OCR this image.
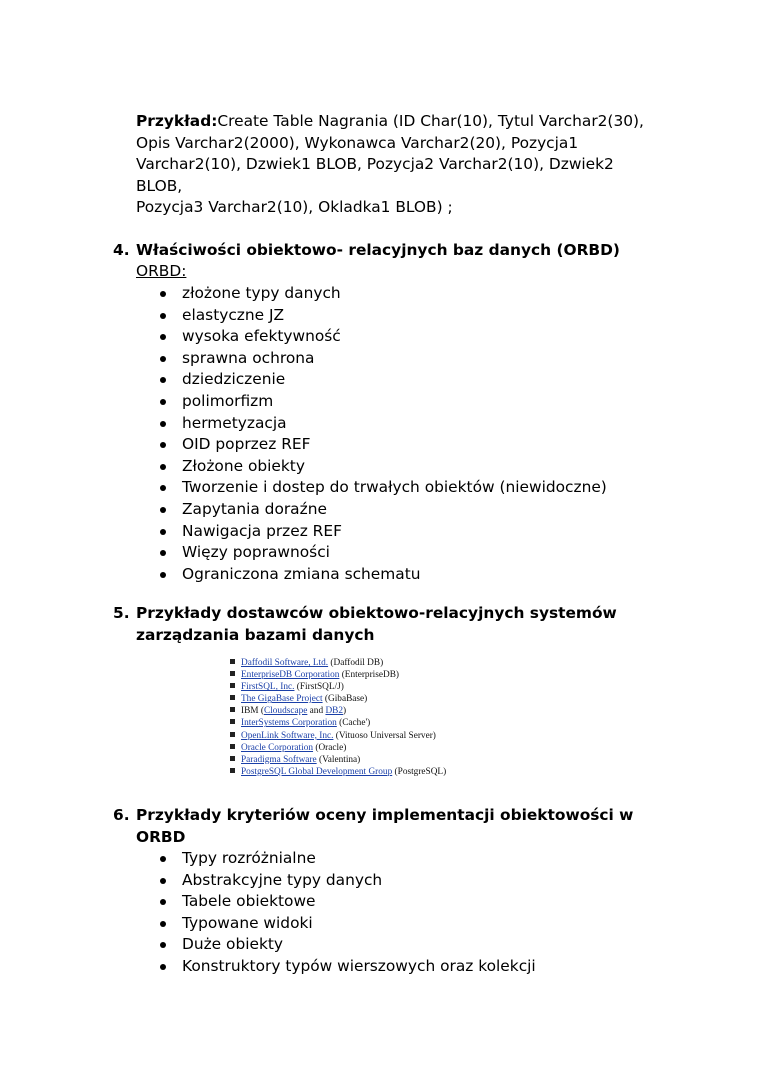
Przykład:Create Table Nagrania (ID Char(10), Tytul Varchar2(30),
Opis Varchar2(2000), Wykonawca Varchar2(20), Pozycja1
Varchar2(10), Dzwiek1 BLOB, Pozycja2 Varchar2(10), Dzwiek2
BLOB,
Pozycja3 Varchar2(10), Okladka1 BLOB) ;
4. Właściwości obiektowo- relacyjnych baz danych (ORBD)
ORBD:
złożone typy danych
elastyczne JZ
wysoka efektywność
sprawna ochrona
dziedziczenie
polimorfizm
hermetyzacja
OID poprzez REF
Złożone obiekty
Tworzenie i dostep do trwałych obiektów (niewidoczne)
Zapytania doraźne
Nawigacja przez REF
Więzy poprawności
Ograniczona zmiana schematu
5. Przykłady dostawców obiektowo-relacyjnych systemów
zarządzania bazami danych
Daffodil Software, Ltd. (Daffodil DB)
EnterpriseDB Corporation (EnterpriseDB)
FirstSQL, Inc. (FirstSQL/J)
The GigaBase Project (GibaBase)
IBM (Cloudscape and DB2)
InterSystems Corporation (Cache')
OpenLink Software, Inc. (Vituoso Universal Server)
Oracle Corporation (Oracle)
Paradigma Software (Valentina)
PostgreSQL Global Development Group (PostgreSQL)
6. Przykłady kryteriów oceny implementacji obiektowości w
ORBD
Typy rozróżnialne
Abstrakcyjne typy danych
Tabele obiektowe
Typowane widoki
Duże obiekty
Konstruktory typów wierszowych oraz kolekcji
